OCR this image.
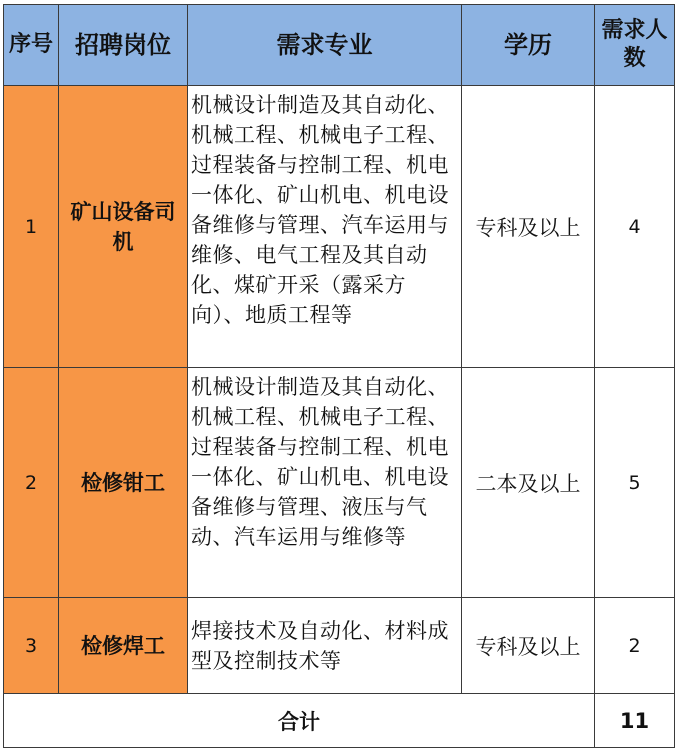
序号	招聘岗位	需求专业	学历	需求人数
1	矿山设备司机	机械设计制造及其自动化、机械工程、机械电子工程、过程装备与控制工程、机电一体化、矿山机电、机电设备维修与管理、汽车运用与维修、电气工程及其自动化、煤矿开采（露采方向）、地质工程等	专科及以上	4
2	检修钳工	机械设计制造及其自动化、机械工程、机械电子工程、过程装备与控制工程、机电一体化、矿山机电、机电设备维修与管理、液压与气动、汽车运用与维修等	二本及以上	5
3	检修焊工	焊接技术及自动化、材料成型及控制技术等	专科及以上	2
合计				11
